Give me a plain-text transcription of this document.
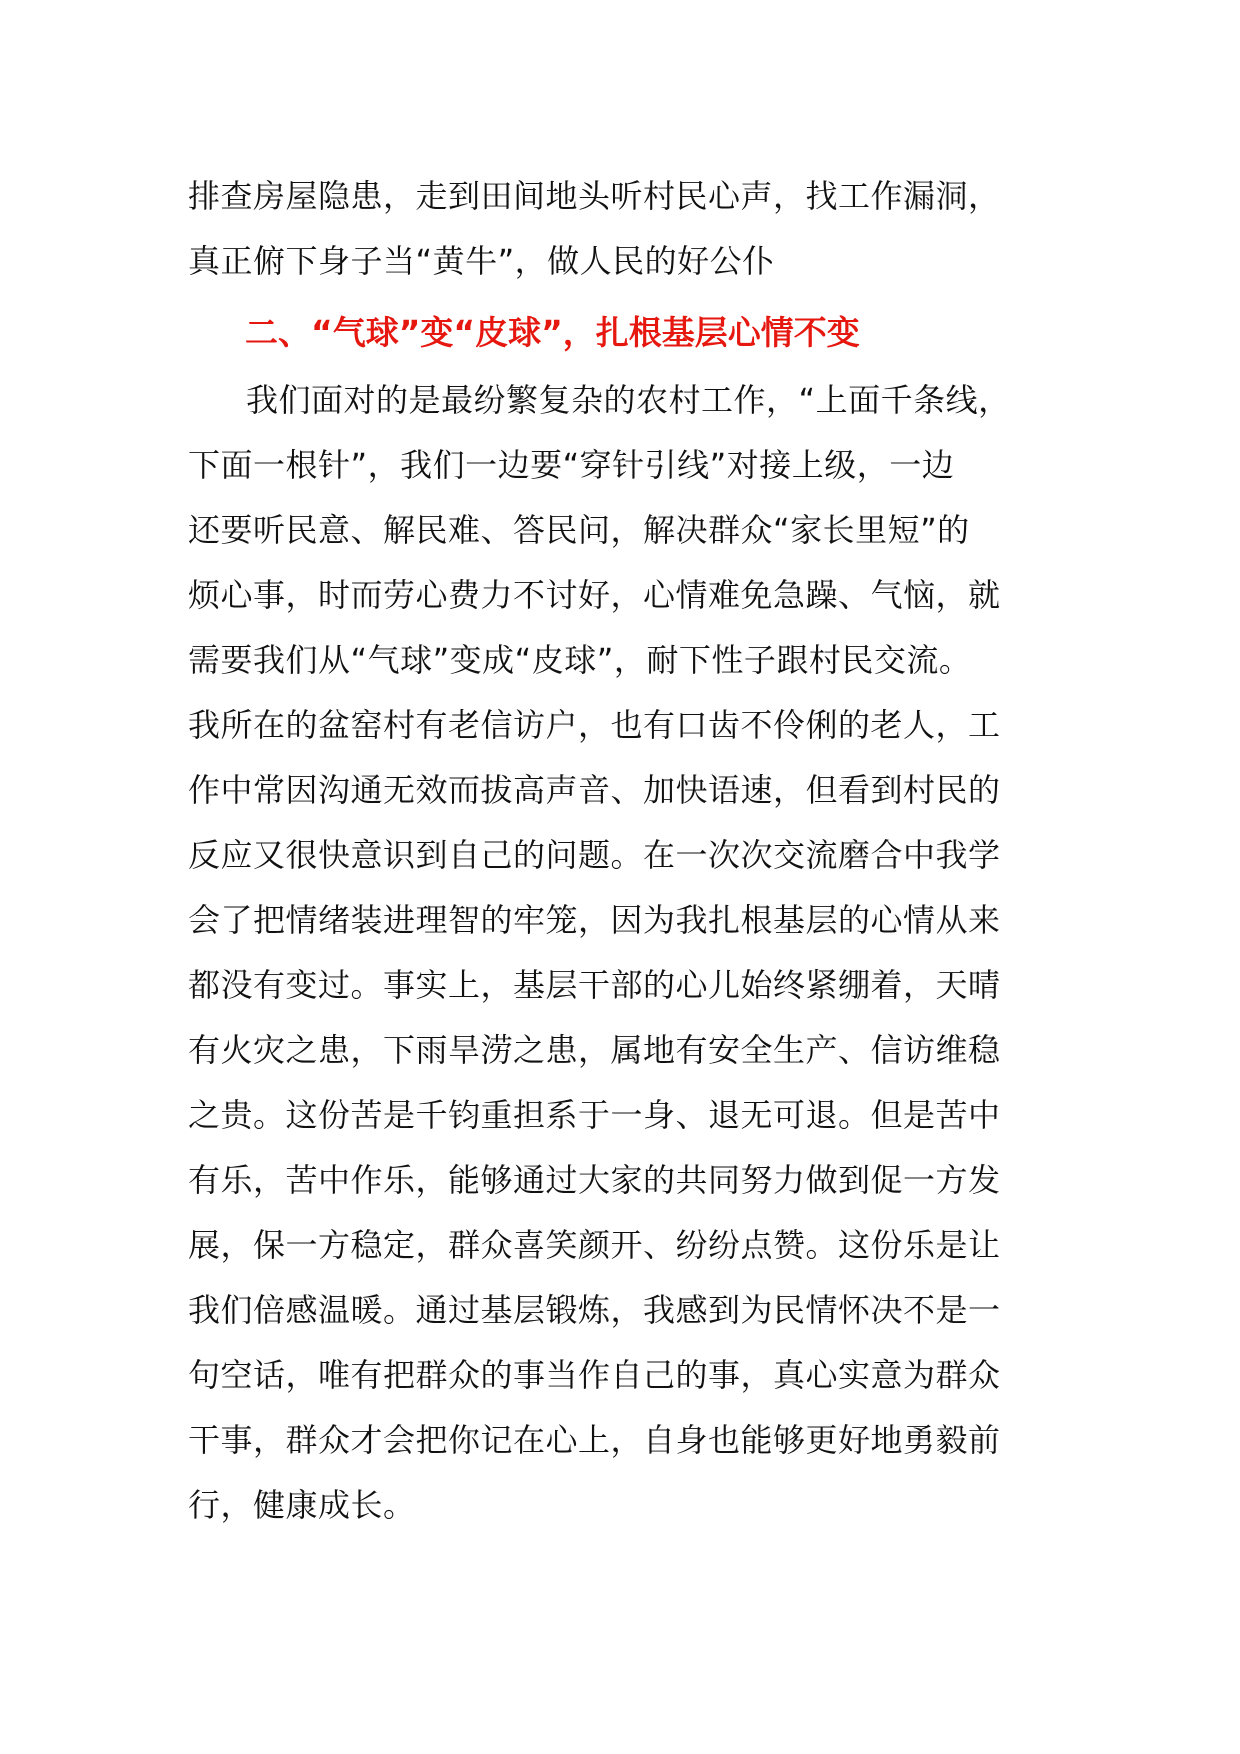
排查房屋隐患，走到田间地头听村民心声，找工作漏洞，
真正俯下身子当“黄牛”，做人民的好公仆
二、“气球”变“皮球”，扎根基层心情不变
我们面对的是最纷繁复杂的农村工作，“上面千条线，
下面一根针”，我们一边要“穿针引线”对接上级，一边
还要听民意、解民难、答民问，解决群众“家长里短”的
烦心事，时而劳心费力不讨好，心情难免急躁、气恼，就
需要我们从“气球”变成“皮球”，耐下性子跟村民交流。
我所在的盆窑村有老信访户，也有口齿不伶俐的老人，工
作中常因沟通无效而拔高声音、加快语速，但看到村民的
反应又很快意识到自己的问题。在一次次交流磨合中我学
会了把情绪装进理智的牢笼，因为我扎根基层的心情从来
都没有变过。事实上，基层干部的心儿始终紧绷着，天晴
有火灾之患，下雨旱涝之患，属地有安全生产、信访维稳
之贵。这份苦是千钧重担系于一身、退无可退。但是苦中
有乐，苦中作乐，能够通过大家的共同努力做到促一方发
展，保一方稳定，群众喜笑颜开、纷纷点赞。这份乐是让
我们倍感温暖。通过基层锻炼，我感到为民情怀决不是一
句空话，唯有把群众的事当作自己的事，真心实意为群众
干事，群众才会把你记在心上，自身也能够更好地勇毅前
行，健康成长。
